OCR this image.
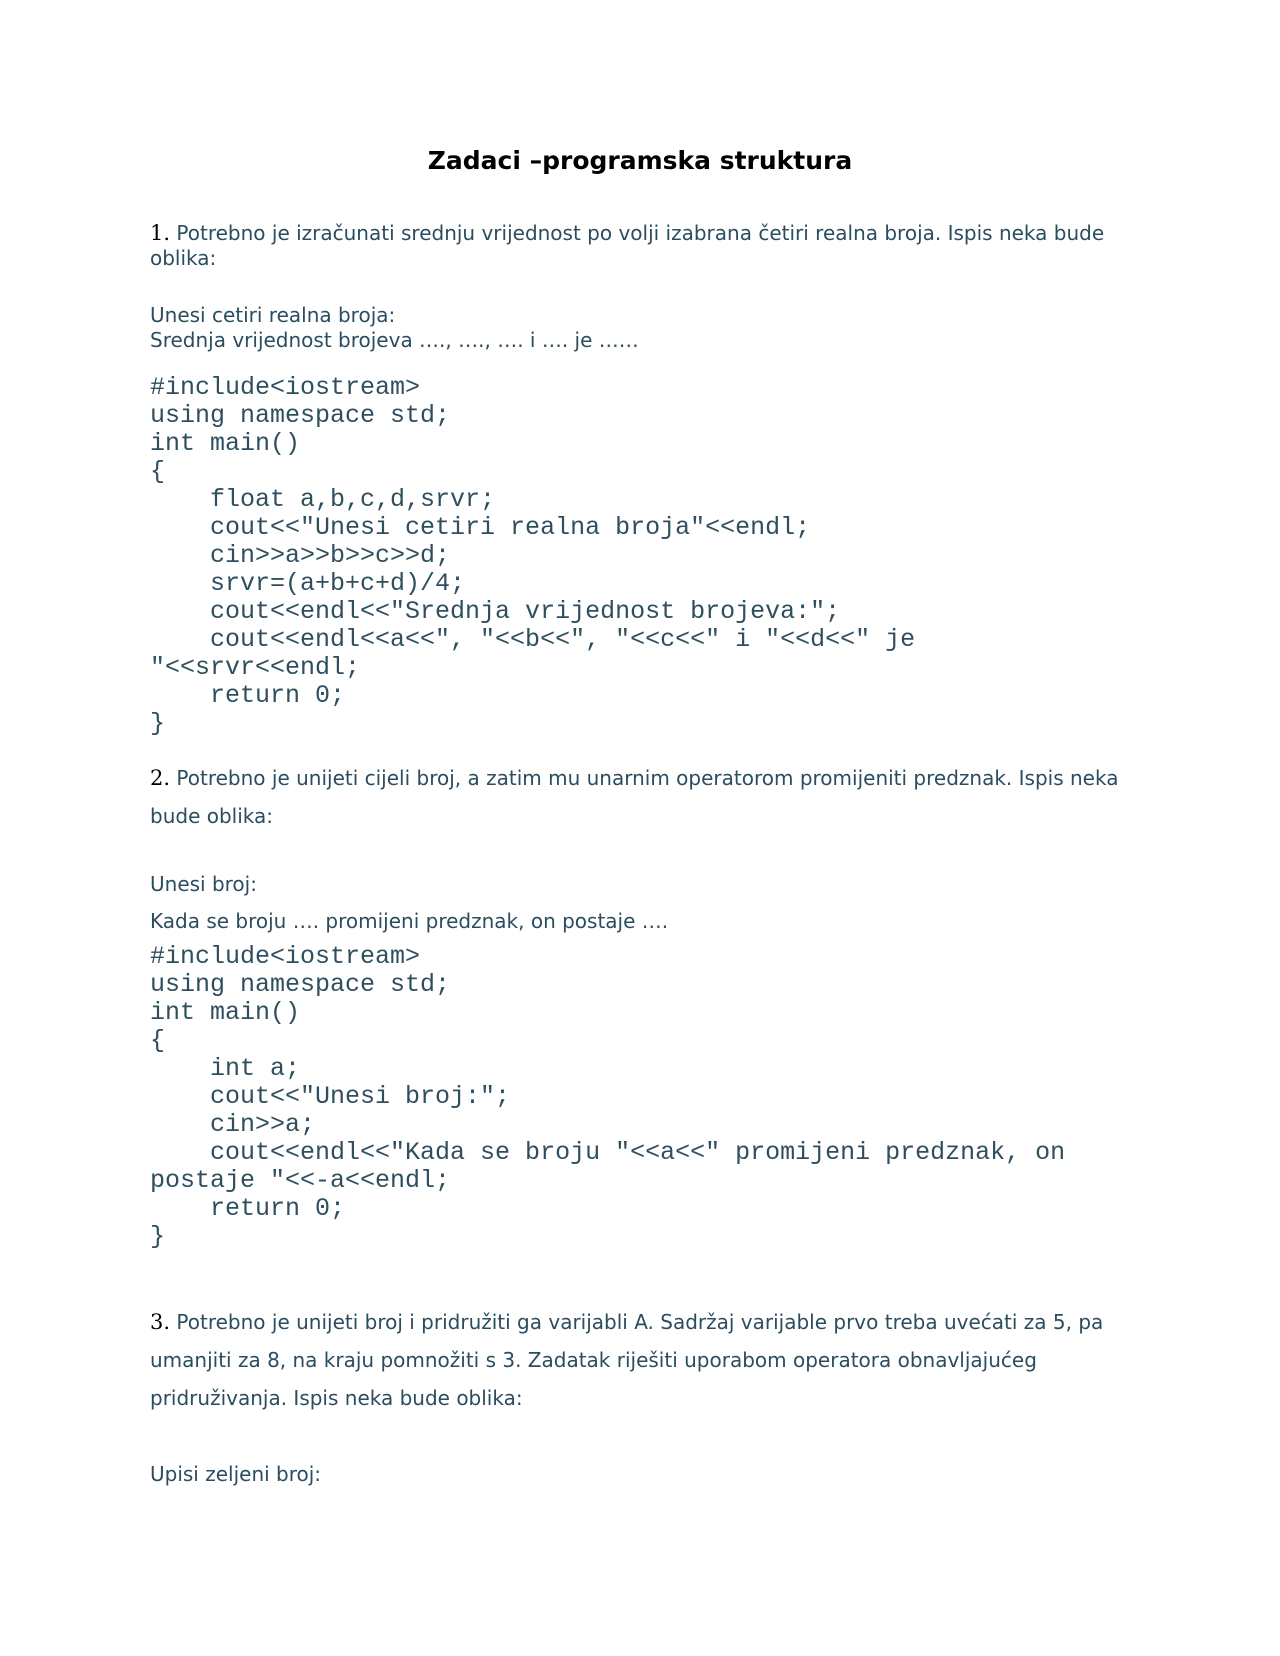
Zadaci –programska struktura

1. Potrebno je izračunati srednju vrijednost po volji izabrana četiri realna broja. Ispis neka bude oblika:

Unesi cetiri realna broja:

Srednja vrijednost brojeva …., …., …. i …. je ……

#include<iostream>
using namespace std;
int main()
{
float a,b,c,d,srvr;
cout<<"Unesi cetiri realna broja"<<endl;
cin>>a>>b>>c>>d;
srvr=(a+b+c+d)/4;
cout<<endl<<"Srednja vrijednost brojeva:";
cout<<endl<<a<<", "<<b<<", "<<c<<" i "<<d<<" je
"<<srvr<<endl;
return 0;
}

2. Potrebno je unijeti cijeli broj, a zatim mu unarnim operatorom promijeniti predznak. Ispis neka bude oblika:

Unesi broj:

Kada se broju …. promijeni predznak, on postaje ….

#include<iostream>
using namespace std;
int main()
{
int a;
cout<<"Unesi broj:";
cin>>a;
cout<<endl<<"Kada se broju "<<a<<" promijeni predznak, on
postaje "<<-a<<endl;
return 0;
}

3. Potrebno je unijeti broj i pridružiti ga varijabli A. Sadržaj varijable prvo treba uvećati za 5, pa umanjiti za 8, na kraju pomnožiti s 3. Zadatak riješiti uporabom operatora obnavljajućeg pridruživanja. Ispis neka bude oblika:

Upisi zeljeni broj:
